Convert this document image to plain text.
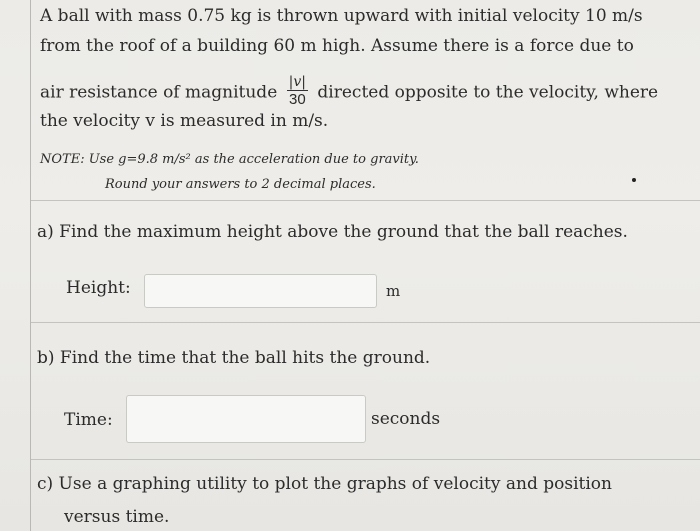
A ball with mass 0.75 kg is thrown upward with initial velocity 10 m/s
from the roof of a building 60 m high. Assume there is a force due to
air resistance of magnitude $\frac{|v|}{30}$ directed opposite to the velocity, where
the velocity v is measured in m/s.
NOTE: Use g=9.8 m/s² as the acceleration due to gravity.
Round your answers to 2 decimal places.
a) Find the maximum height above the ground that the ball reaches.
Height:	m
b) Find the time that the ball hits the ground.
Time:	seconds
c) Use a graphing utility to plot the graphs of velocity and position
versus time.
